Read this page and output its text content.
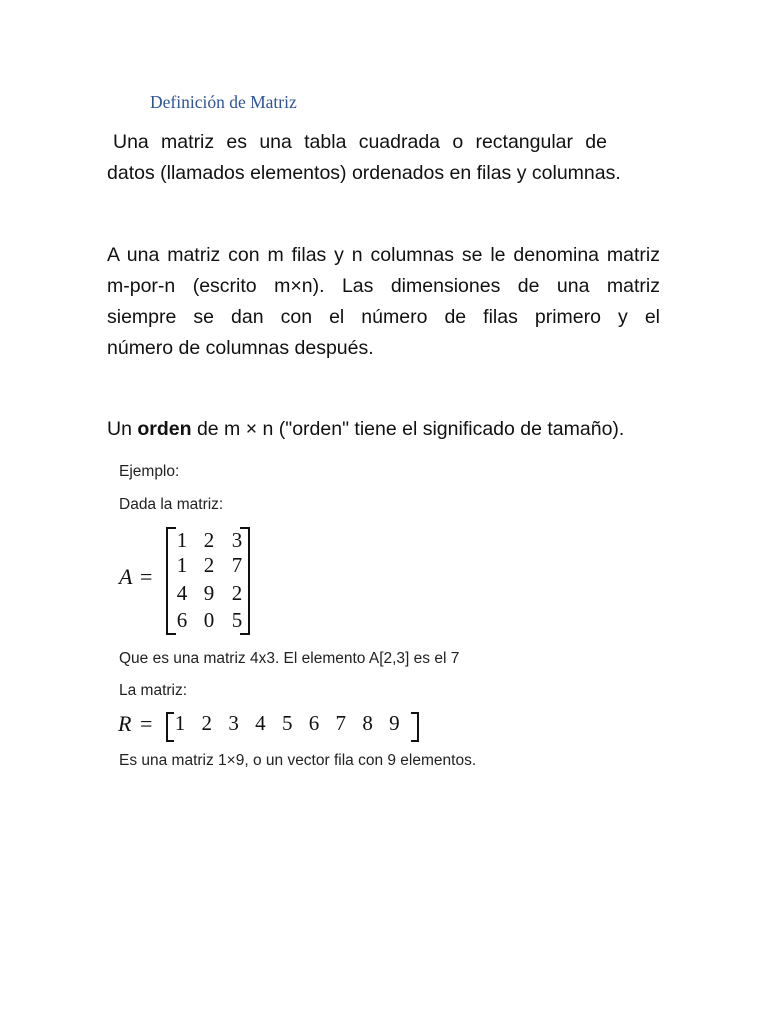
Definición de Matriz
Una matriz es una tabla cuadrada o rectangular de
datos (llamados elementos) ordenados en filas y columnas.
A una matriz con m filas y n columnas se le denomina matriz
m-por-n (escrito m×n). Las dimensiones de una matriz
siempre se dan con el número de filas primero y el
número de columnas después.
Un orden de m × n ("orden" tiene el significado de tamaño).
Ejemplo:
Dada la matriz:
A =
1 2 3
1 2 7
4 9 2
6 0 5
Que es una matriz 4x3. El elemento A[2,3] es el 7
La matriz:
R = 1 2 3 4 5 6 7 8 9
Es una matriz 1×9, o un vector fila con 9 elementos.
